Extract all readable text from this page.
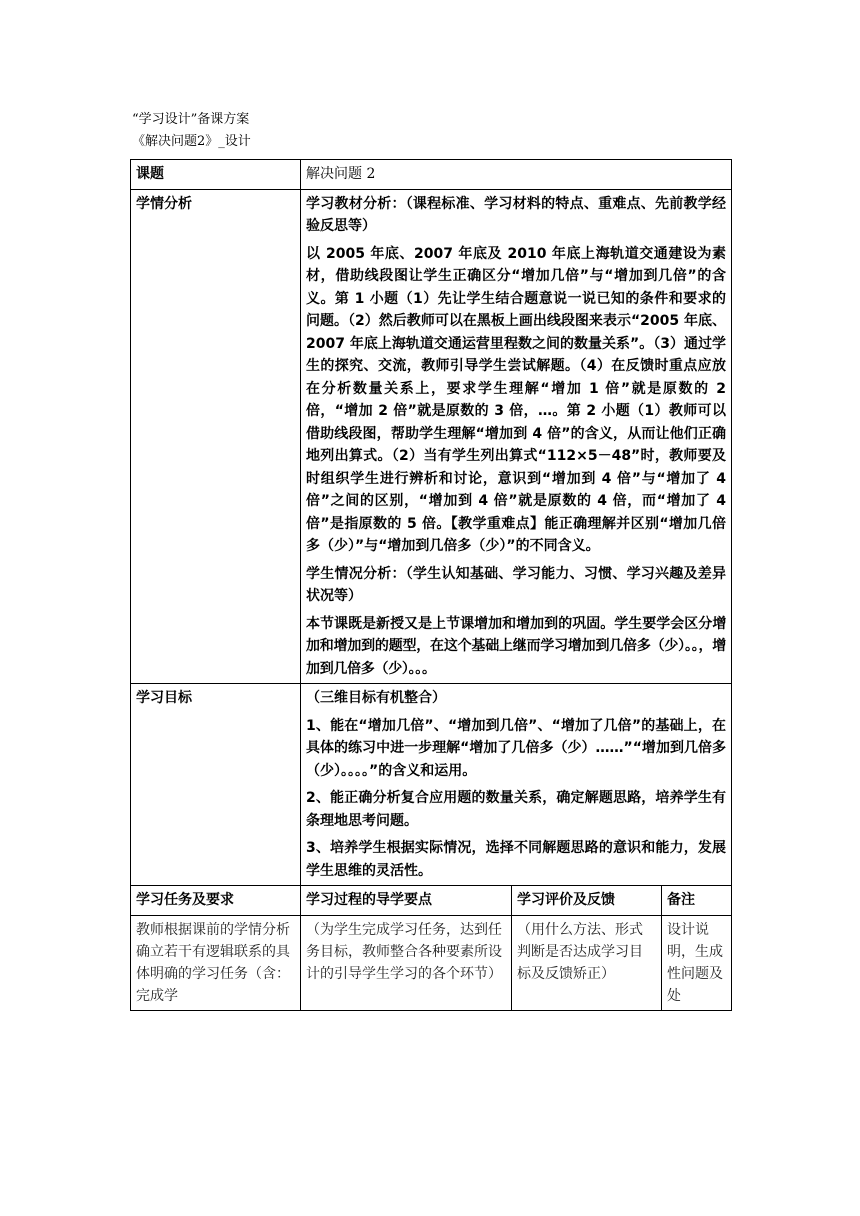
“学习设计”备课方案
《解决问题2》_设计
课题	解决问题 2		
学情分析	学习教材分析：（课程标准、学习材料的特点、重难点、先前教学经验反思等）

以 2005 年底、2007 年底及 2010 年底上海轨道交通建设为素材，借助线段图让学生正确区分“增加几倍”与“增加到几倍”的含义。第 1 小题（1）先让学生结合题意说一说已知的条件和要求的问题。（2）然后教师可以在黑板上画出线段图来表示“2005 年底、2007 年底上海轨道交通运营里程数之间的数量关系”。（3）通过学生的探究、交流，教师引导学生尝试解题。（4）在反馈时重点应放在分析数量关系上，要求学生理解“增加 1 倍”就是原数的 2 倍，“增加 2 倍”就是原数的 3 倍，…。第 2 小题（1）教师可以借助线段图，帮助学生理解“增加到 4 倍”的含义，从而让他们正确地列出算式。（2）当有学生列出算式“112×5－48”时，教师要及时组织学生进行辨析和讨论，意识到“增加到 4 倍”与“增加了 4 倍”之间的区别，“增加到 4 倍”就是原数的 4 倍，而“增加了 4 倍”是指原数的 5 倍。【教学重难点】能正确理解并区别“增加几倍多（少）”与“增加到几倍多（少）”的不同含义。

学生情况分析：（学生认知基础、学习能力、习惯、学习兴趣及差异状况等）

本节课既是新授又是上节课增加和增加到的巩固。学生要学会区分增加和增加到的题型，在这个基础上继而学习增加到几倍多（少）。。，增加到几倍多（少）。。。		

学习目标	（三维目标有机整合）

1、能在“增加几倍”、“增加到几倍”、“增加了几倍”的基础上，在具体的练习中进一步理解“增加了几倍多（少）……”“增加到几倍多（少）。。。。”的含义和运用。

2、能正确分析复合应用题的数量关系，确定解题思路，培养学生有条理地思考问题。

3、培养学生根据实际情况，选择不同解题思路的意识和能力，发展学生思维的灵活性。		

学习任务及要求	学习过程的导学要点	学习评价及反馈	备注

教师根据课前的学情分析确立若干有逻辑联系的具体明确的学习任务（含：完成学	（为学生完成学习任务，达到任务目标，教师整合各种要素所设计的引导学生学习的各个环节）	（用什么方法、形式判断是否达成学习目标及反馈矫正）	设计说明，生成性问题及处
